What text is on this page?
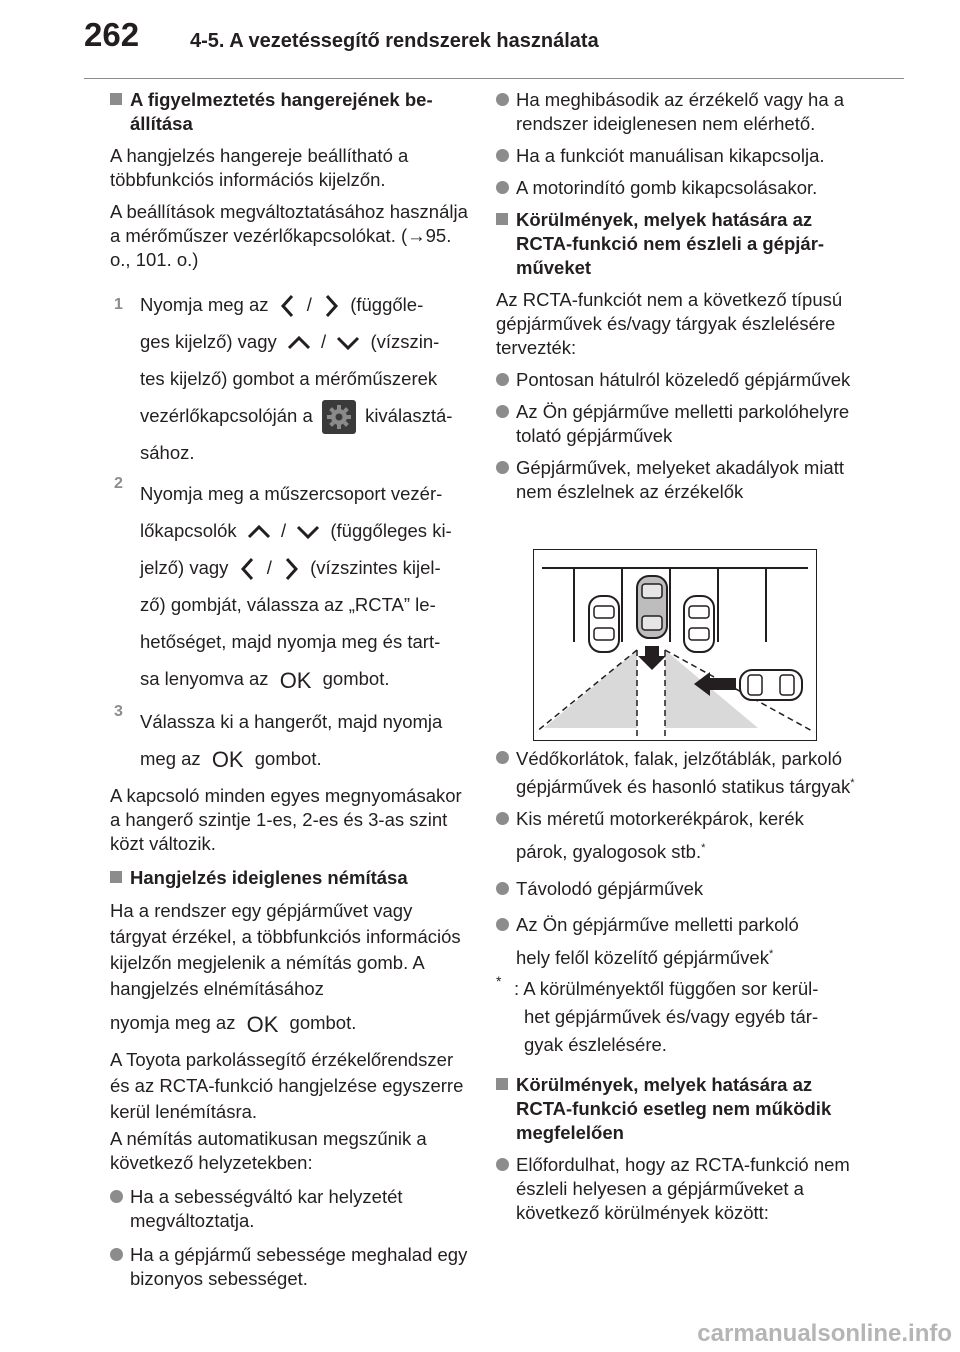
262	4-5. A vezetéssegítő rendszerek használata

A figyelmeztetés hangerejének beállítása

A hangjelzés hangereje beállítható a többfunkciós információs kijelzőn.

A beállítások megváltoztatásához használja a mérőműszer vezérlőkapcsolókat. (→95. o., 101. o.)

1 Nyomja meg az / (függőle-

ges kijelző) vagy / (vízszin-

tes kijelző) gombot a mérőműszerek

vezérlőkapcsolóján a	kiválasztá-

sához.

2 Nyomja meg a műszercsoport vezér-

lőkapcsolók / (függőleges ki-

jelző) vagy / (vízszintes kijel-

ző) gombját, válassza az „RCTA” le-

hetőséget, majd nyomja meg és tart-

sa lenyomva az OK gombot.

3 Válassza ki a hangerőt, majd nyomja

meg az OK gombot.

A kapcsoló minden egyes megnyomásakor a hangerő szintje 1-es, 2-es és 3-as szint közt változik.

Hangjelzés ideiglenes némítása

Ha a rendszer egy gépjárművet vagy tárgyat érzékel, a többfunkciós információs kijelzőn megjelenik a némítás gomb. A hangjelzés elnémításához

nyomja meg az OK gombot.

A Toyota parkolássegítő érzékelőrendszer és az RCTA-funkció hangjelzése egyszerre kerül lenémításra.

A némítás automatikusan megszűnik a következő helyzetekben:

Ha a sebességváltó kar helyzetét megváltoztatja.

Ha a gépjármű sebessége meghalad egy bizonyos sebességet.

Ha meghibásodik az érzékelő vagy ha a rendszer ideiglenesen nem elérhető.

Ha a funkciót manuálisan kikapcsolja.

A motorindító gomb kikapcsolásakor.

Körülmények, melyek hatására az RCTA-funkció nem észleli a gépjárműveket

Az RCTA-funkciót nem a következő típusú gépjárművek és/vagy tárgyak észlelésére tervezték:

Pontosan hátulról közeledő gépjárművek

Az Ön gépjárműve melletti parkolóhelyre tolató gépjárművek

Gépjárművek, melyeket akadályok miatt nem észlelnek az érzékelők

Védőkorlátok, falak, jelzőtáblák, parkoló gépjárművek és hasonló statikus tárgyak*

Kis méretű motorkerékpárok, kerék

párok, gyalogosok stb.*

Távolodó gépjárművek

Az Ön gépjárműve melletti parkoló

hely felől közelítő gépjárművek*

* : A körülményektől függően sor kerül-

het gépjárművek és/vagy egyéb tár-

gyak észlelésére.

Körülmények, melyek hatására az RCTA-funkció esetleg nem működik megfelelően

Előfordulhat, hogy az RCTA-funkció nem észleli helyesen a gépjárműveket a következő körülmények között:

carmanualsonline.info
